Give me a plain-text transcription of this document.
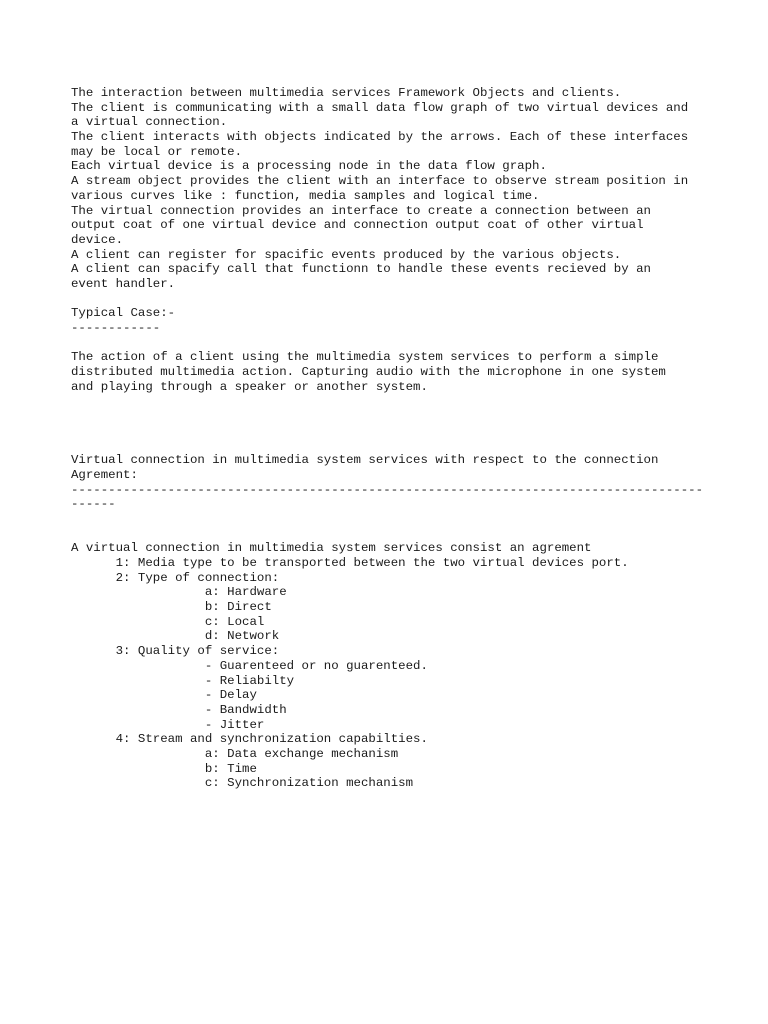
The interaction between multimedia services Framework Objects and clients.
The client is communicating with a small data flow graph of two virtual devices and
a virtual connection.
The client interacts with objects indicated by the arrows. Each of these interfaces
may be local or remote.
Each virtual device is a processing node in the data flow graph.
A stream object provides the client with an interface to observe stream position in
various curves like : function, media samples and logical time.
The virtual connection provides an interface to create a connection between an
output coat of one virtual device and connection output coat of other virtual
device.
A client can register for spacific events produced by the various objects.
A client can spacify call that functionn to handle these events recieved by an
event handler.
Typical Case:-
------------
The action of a client using the multimedia system services to perform a simple
distributed multimedia action. Capturing audio with the microphone in one system
and playing through a speaker or another system.
Virtual connection in multimedia system services with respect to the connection
Agrement:
-------------------------------------------------------------------------------------
------
A virtual connection in multimedia system services consist an agrement
1: Media type to be transported between the two virtual devices port.
2: Type of connection:
a: Hardware
b: Direct
c: Local
d: Network
3: Quality of service:
- Guarenteed or no guarenteed.
- Reliabilty
- Delay
- Bandwidth
- Jitter
4: Stream and synchronization capabilties.
a: Data exchange mechanism
b: Time
c: Synchronization mechanism
